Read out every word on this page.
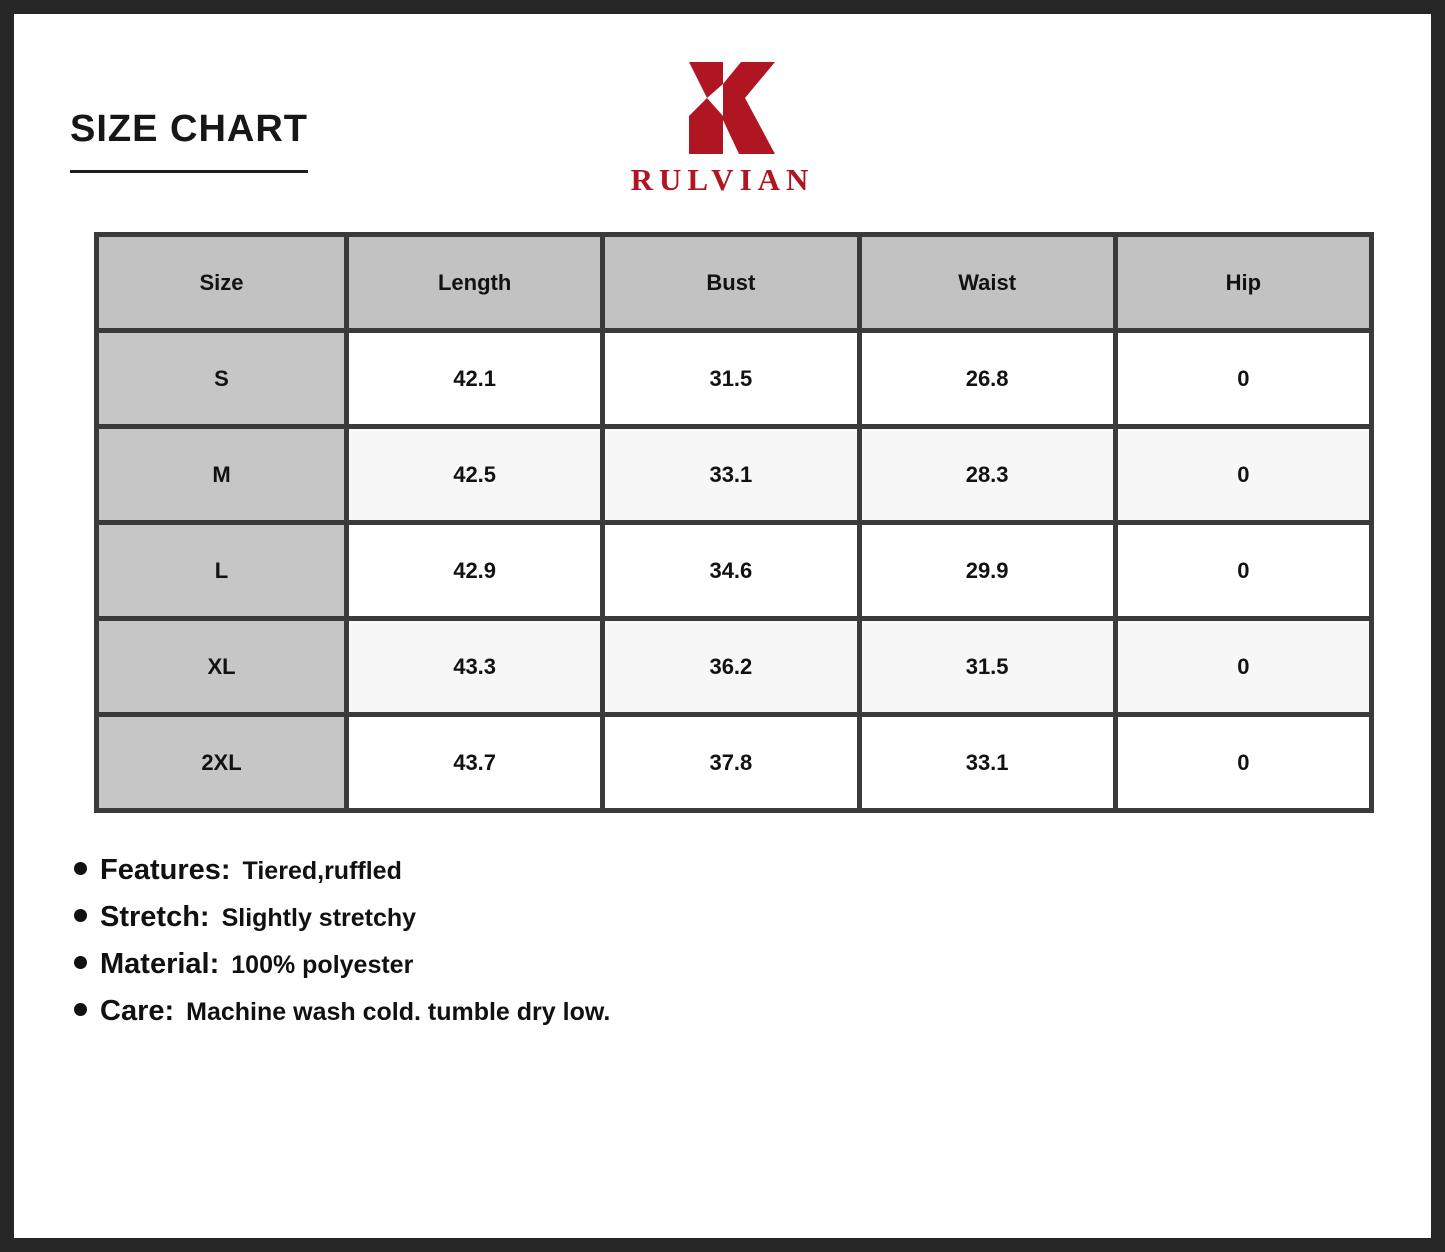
SIZE CHART
RULVIAN
Size	Length	Bust	Waist	Hip
S	42.1	31.5	26.8	0
M	42.5	33.1	28.3	0
L	42.9	34.6	29.9	0
XL	43.3	36.2	31.5	0
2XL	43.7	37.8	33.1	0
Features: Tiered,ruffled
Stretch: Slightly stretchy
Material: 100% polyester
Care: Machine wash cold. tumble dry low.
